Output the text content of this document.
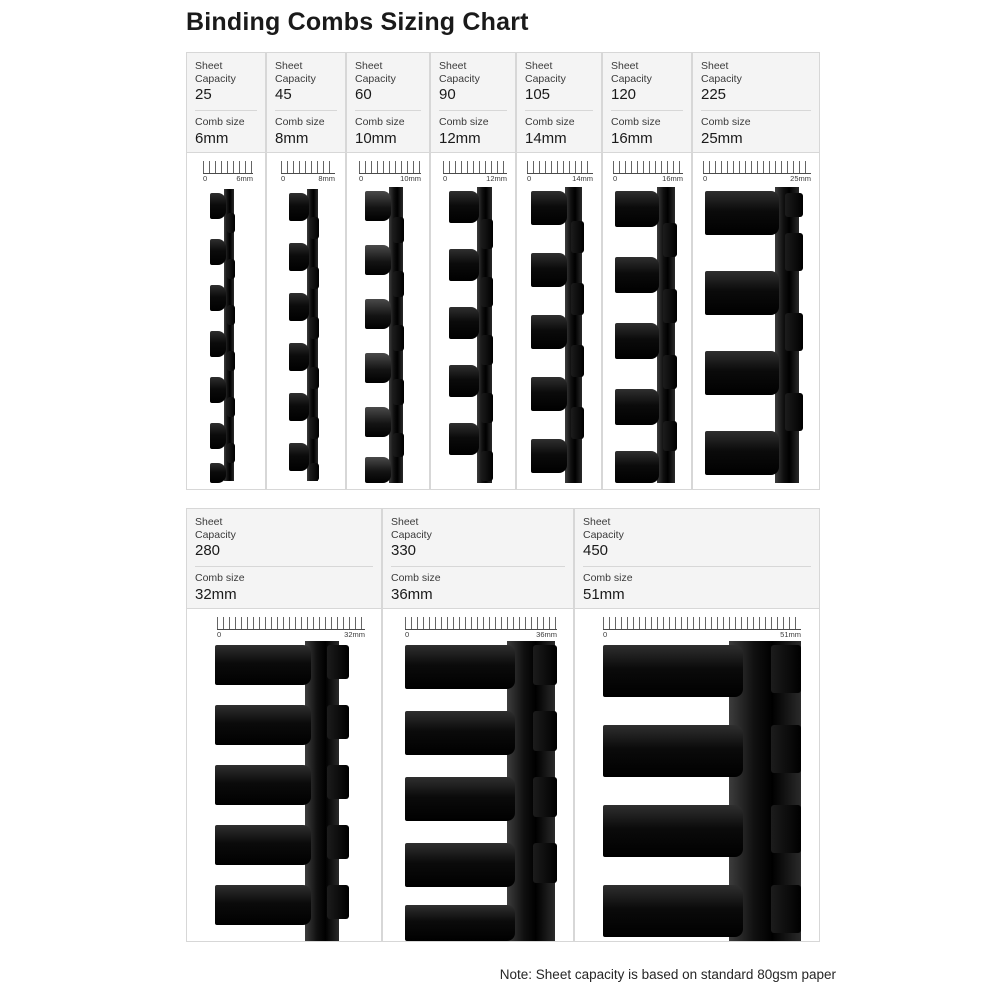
Binding Combs Sizing Chart
Sheet
Capacity
25
Comb size
6mm
0	6mm
Sheet
Capacity
45
Comb size
8mm
0	8mm
Sheet
Capacity
60
Comb size
10mm
0	10mm
Sheet
Capacity
90
Comb size
12mm
0	12mm
Sheet
Capacity
105
Comb size
14mm
0	14mm
Sheet
Capacity
120
Comb size
16mm
0	16mm
Sheet
Capacity
225
Comb size
25mm
0	25mm
Sheet
Capacity
280
Comb size
32mm
0	32mm
Sheet
Capacity
330
Comb size
36mm
0	36mm
Sheet
Capacity
450
Comb size
51mm
0	51mm
Note: Sheet capacity is based on standard 80gsm paper
